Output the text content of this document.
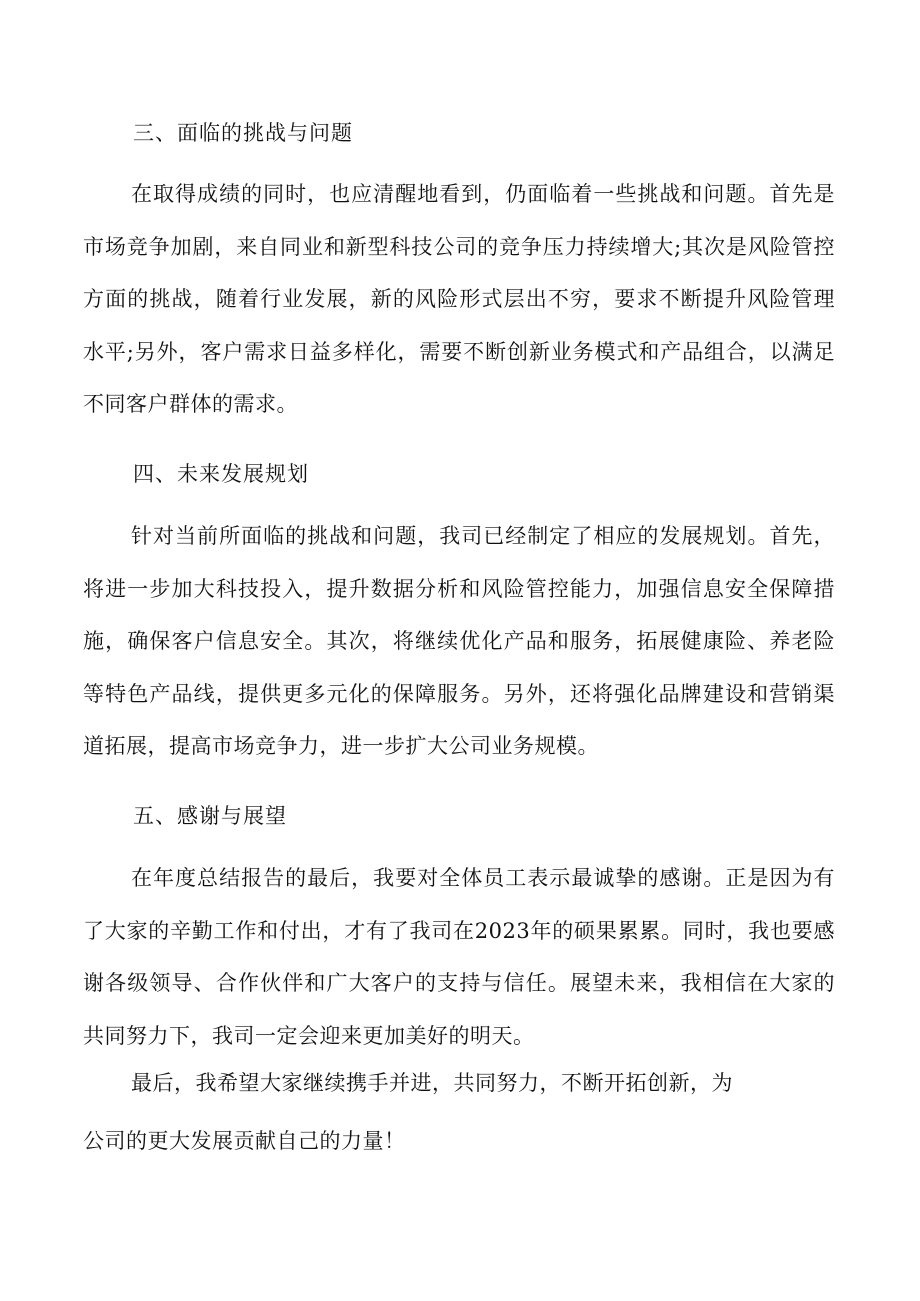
三、面临的挑战与问题
在取得成绩的同时，也应清醒地看到，仍面临着一些挑战和问题。首先是市场竞争加剧，来自同业和新型科技公司的竞争压力持续增大;其次是风险管控方面的挑战，随着行业发展，新的风险形式层出不穷，要求不断提升风险管理水平;另外，客户需求日益多样化，需要不断创新业务模式和产品组合，以满足不同客户群体的需求。
四、未来发展规划
针对当前所面临的挑战和问题，我司已经制定了相应的发展规划。首先，将进一步加大科技投入，提升数据分析和风险管控能力，加强信息安全保障措施，确保客户信息安全。其次，将继续优化产品和服务，拓展健康险、养老险等特色产品线，提供更多元化的保障服务。另外，还将强化品牌建设和营销渠道拓展，提高市场竞争力，进一步扩大公司业务规模。
五、感谢与展望
在年度总结报告的最后，我要对全体员工表示最诚挚的感谢。正是因为有了大家的辛勤工作和付出，才有了我司在2023年的硕果累累。同时，我也要感谢各级领导、合作伙伴和广大客户的支持与信任。展望未来，我相信在大家的共同努力下，我司一定会迎来更加美好的明天。
最后，我希望大家继续携手并进，共同努力，不断开拓创新，为
公司的更大发展贡献自己的力量！
